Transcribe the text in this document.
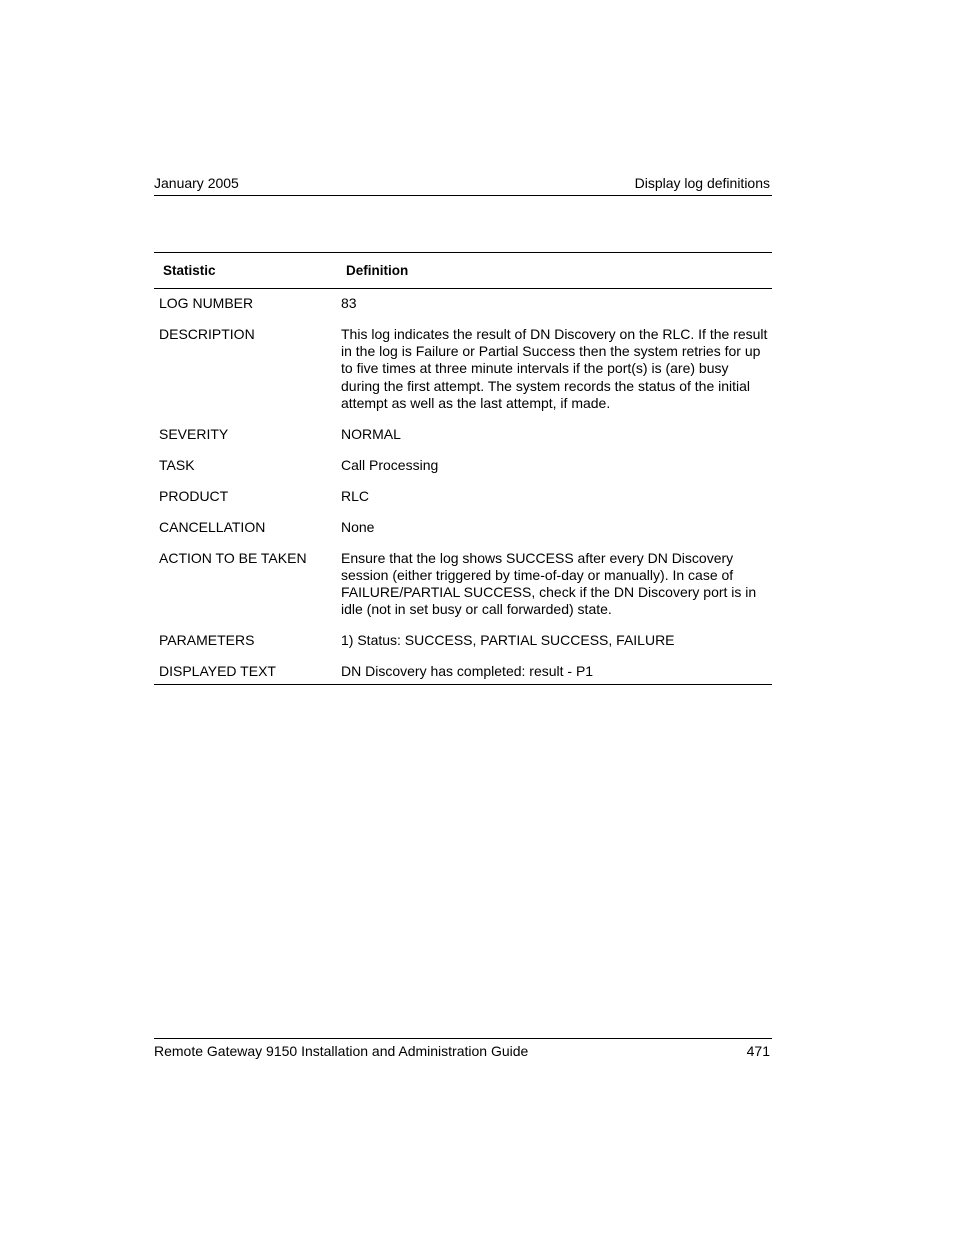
January 2005	Display log definitions
Statistic	Definition
LOG NUMBER	83
DESCRIPTION	This log indicates the result of DN Discovery on the RLC. If the result in the log is Failure or Partial Success then the system retries for up to five times at three minute intervals if the port(s) is (are) busy during the first attempt. The system records the status of the initial attempt as well as the last attempt, if made.
SEVERITY	NORMAL
TASK	Call Processing
PRODUCT	RLC
CANCELLATION	None
ACTION TO BE TAKEN	Ensure that the log shows SUCCESS after every DN Discovery session (either triggered by time-of-day or manually). In case of FAILURE/PARTIAL SUCCESS, check if the DN Discovery port is in idle (not in set busy or call forwarded) state.
PARAMETERS	1) Status: SUCCESS, PARTIAL SUCCESS, FAILURE
DISPLAYED TEXT	DN Discovery has completed: result - P1
Remote Gateway 9150 Installation and Administration Guide	471
